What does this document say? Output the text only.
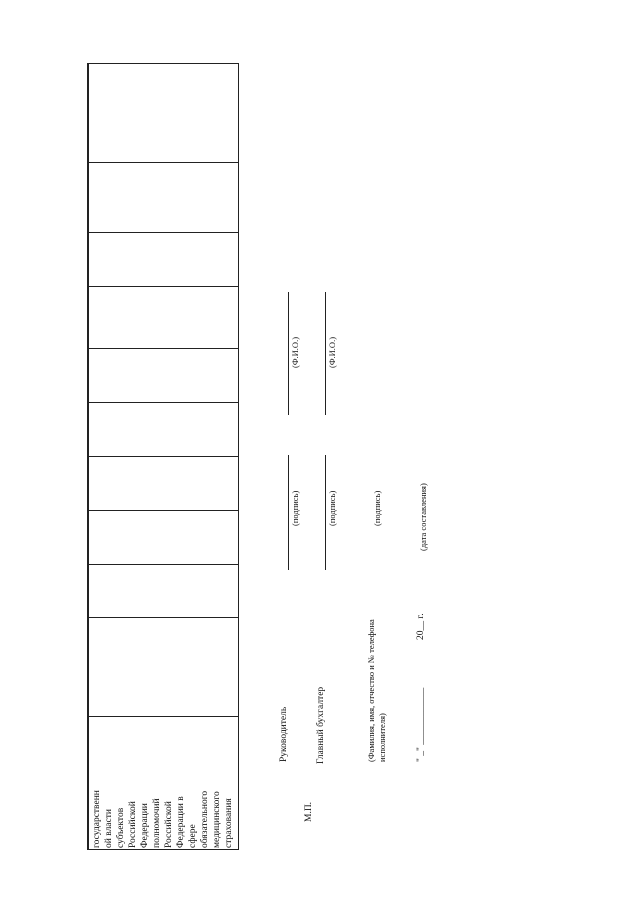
государственн ой власти субъектов Российской Федерации полномочий Российской Федерации в сфере обязательного медицинского страхования	М.П.
Руководитель
(подпись)
(Ф.И.О.)
Главный бухгалтер
(подпись)
(Ф.И.О.)
(Фамилия, имя, отчество и № телефона исполнителя)
(подпись)
" _" ____________
20__ г.
(дата составления)
